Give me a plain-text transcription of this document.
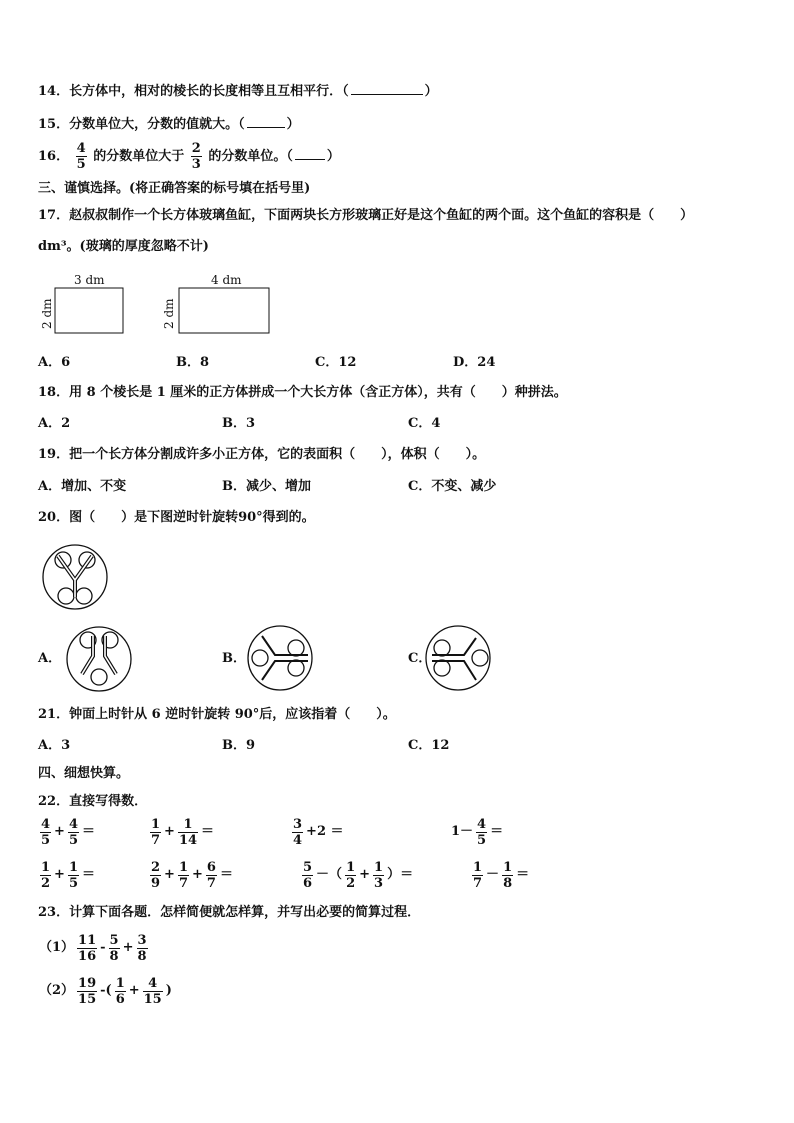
14．长方体中，相对的棱长的长度相等且互相平行．（	）
15．分数单位大，分数的值就大。（	）
16． $\frac{4}{5}$ 的分数单位大于 $\frac{2}{3}$ 的分数单位。（	）
三、谨慎选择。(将正确答案的标号填在括号里)
17．赵叔叔制作一个长方体玻璃鱼缸，下面两块长方形玻璃正好是这个鱼缸的两个面。这个鱼缸的容积是（　　）
dm³。(玻璃的厚度忽略不计)
3 dm
2 dm
4 dm
2 dm
A．6	B．8	C．12	D．24
18．用 8 个棱长是 1 厘米的正方体拼成一个大长方体（含正方体），共有（　　）种拼法。
A．2	B．3	C．4
19．把一个长方体分割成许多小正方体，它的表面积（　　），体积（　　）。
A．增加、不变	B．减少、增加	C．不变、减少
20．图（　　）是下图逆时针旋转90°得到的。
A．	B．	C．
21．钟面上时针从 6 逆时针旋转 90°后，应该指着（　　）。
A．3	B．9	C．12
四、细想快算。
22．直接写得数．
$\frac{4}{5} + \frac{4}{5}$ ＝	$\frac{1}{7} + \frac{1}{14}$ ＝	$\frac{3}{4} +2$ ＝	$1- \frac{4}{5}$ ＝
$\frac{1}{2} + \frac{1}{5}$ ＝	$\frac{2}{9} + \frac{1}{7} + \frac{6}{7}$ ＝	$\frac{5}{6}$ －（ $\frac{1}{2} + \frac{1}{3}$ ）＝	$\frac{1}{7} - \frac{1}{8}$ ＝
23．计算下面各题．怎样简便就怎样算，并写出必要的简算过程．
$(1) \frac{11}{16} - \frac{5}{8} + \frac{3}{8}$
$(2) \frac{19}{15}$ -( $\frac{1}{6} + \frac{4}{15}$ )
